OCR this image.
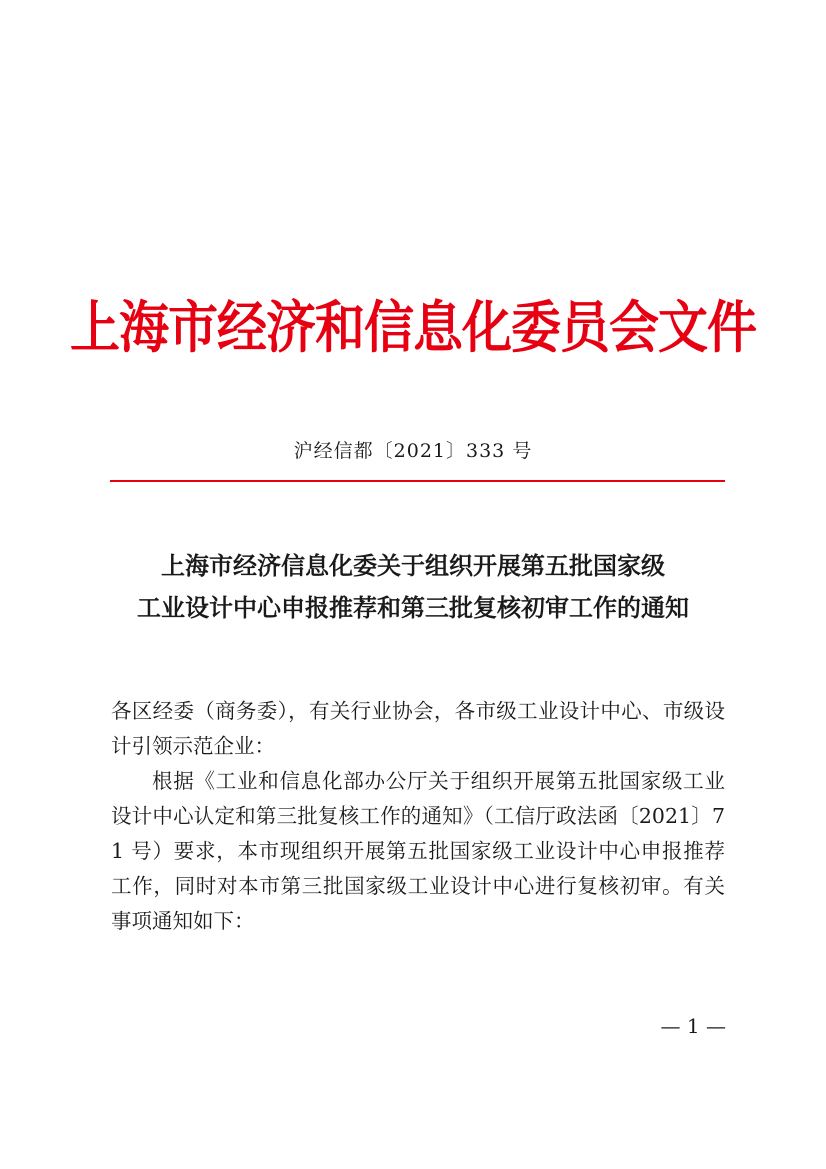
上海市经济和信息化委员会文件
沪经信都〔2021〕333 号
上海市经济信息化委关于组织开展第五批国家级
工业设计中心申报推荐和第三批复核初审工作的通知

各区经委（商务委），有关行业协会，各市级工业设计中心、市级设计引领示范企业：

根据《工业和信息化部办公厅关于组织开展第五批国家级工业设计中心认定和第三批复核工作的通知》（工信厅政法函〔2021〕71 号）要求，本市现组织开展第五批国家级工业设计中心申报推荐工作，同时对本市第三批国家级工业设计中心进行复核初审。有关事项通知如下：

— 1 —
